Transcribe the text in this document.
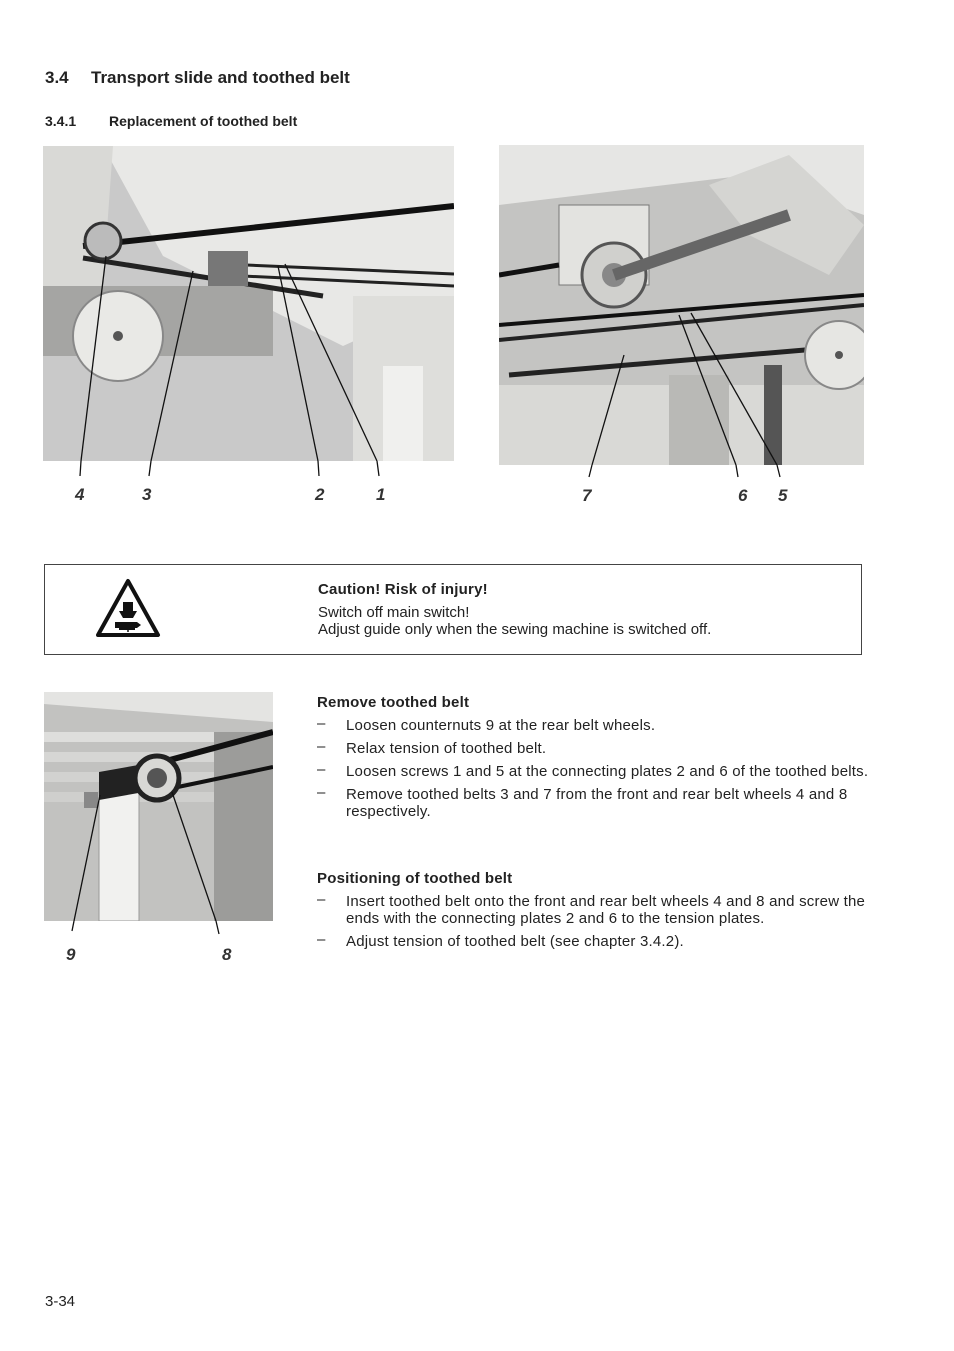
3.4 Transport slide and toothed belt
3.4.1 Replacement of toothed belt
4	3	2	1	7	6 5
Caution! Risk of injury!
Switch off main switch!
Adjust guide only when the sewing machine is switched off.
9	8
Remove toothed belt
– Loosen counternuts 9 at the rear belt wheels.
– Relax tension of toothed belt.
– Loosen screws 1 and 5 at the connecting plates 2 and 6 of the toothed belts.
– Remove toothed belts 3 and 7 from the front and rear belt wheels 4 and 8 respectively.
Positioning of toothed belt
– Insert toothed belt onto the front and rear belt wheels 4 and 8 and screw the ends with the connecting plates 2 and 6 to the tension plates.
– Adjust tension of toothed belt (see chapter 3.4.2).
3-34
